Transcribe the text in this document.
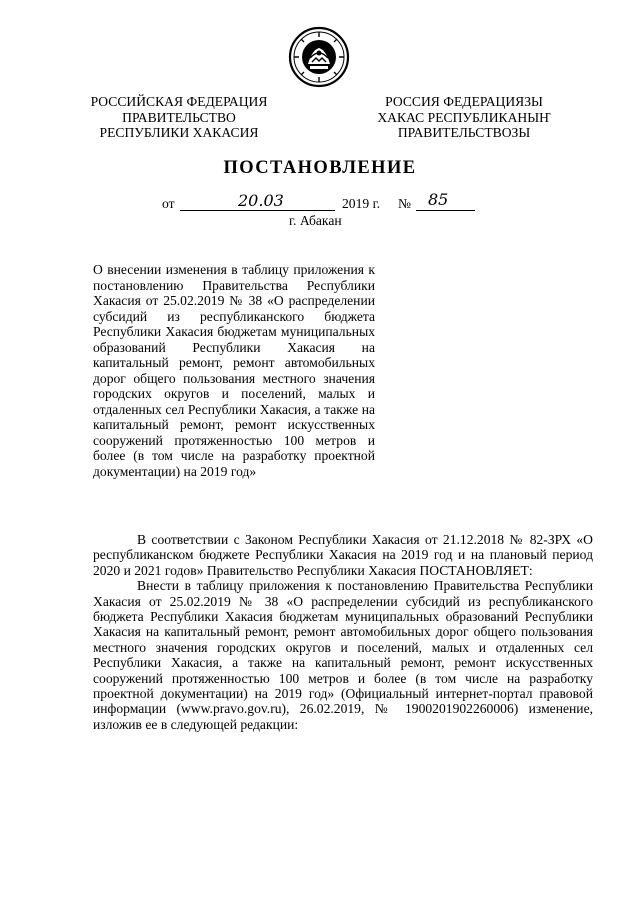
РОССИЙСКАЯ ФЕДЕРАЦИЯ
ПРАВИТЕЛЬСТВО
РЕСПУБЛИКИ ХАКАСИЯ
РОССИЯ ФЕДЕРАЦИЯЗЫ
ХАКАС РЕСПУБЛИКАНЫҤ
ПРАВИТЕЛЬСТВОЗЫ
ПОСТАНОВЛЕНИЕ
от	20.03	2019 г. № 85
г. Абакан
О внесении изменения в таблицу приложения к постановлению Правительства Республики Хакасия от 25.02.2019 № 38 «О распределении субсидий из республиканского бюджета Республики Хакасия бюджетам муниципальных образований Республики Хакасия на капитальный ремонт, ремонт автомобильных дорог общего пользования местного значения городских округов и поселений, малых и отдаленных сел Республики Хакасия, а также на капитальный ремонт, ремонт искусственных сооружений протяженностью 100 метров и более (в том числе на разработку проектной документации) на 2019 год»

В соответствии с Законом Республики Хакасия от 21.12.2018 № 82-ЗРХ «О республиканском бюджете Республики Хакасия на 2019 год и на плановый период 2020 и 2021 годов» Правительство Республики Хакасия ПОСТАНОВЛЯЕТ:

Внести в таблицу приложения к постановлению Правительства Республики Хакасия от 25.02.2019 № 38 «О распределении субсидий из республиканского бюджета Республики Хакасия бюджетам муниципальных образований Республики Хакасия на капитальный ремонт, ремонт автомобильных дорог общего пользования местного значения городских округов и поселений, малых и отдаленных сел Республики Хакасия, а также на капитальный ремонт, ремонт искусственных сооружений протяженностью 100 метров и более (в том числе на разработку проектной документации) на 2019 год» (Официальный интернет-портал правовой информации (www.pravo.gov.ru), 26.02.2019, № 1900201902260006) изменение, изложив ее в следующей редакции:
